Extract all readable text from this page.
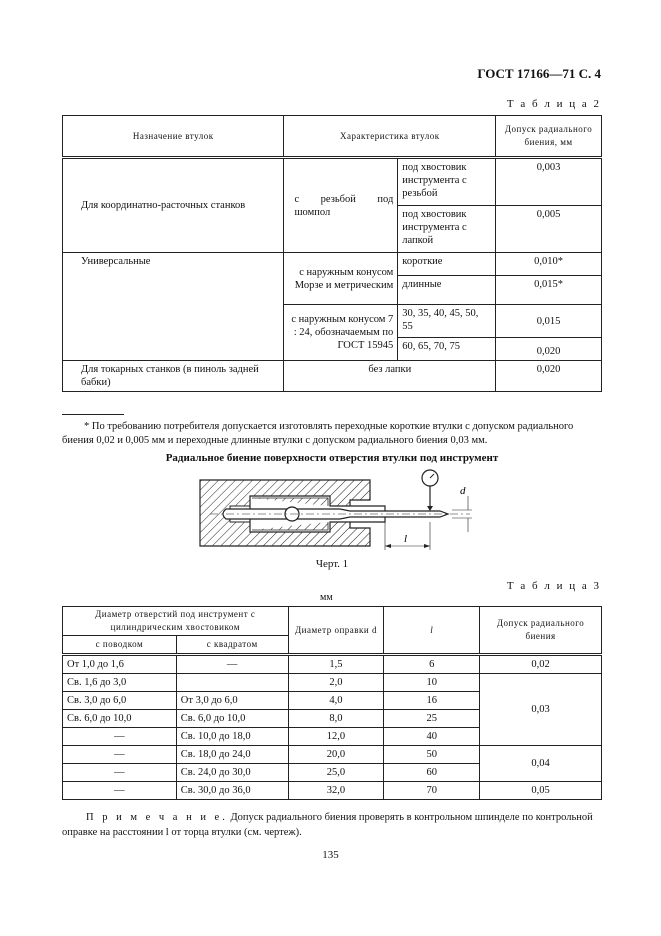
ГОСТ 17166—71 С. 4
Т а б л и ц а 2
Назначение втулок	Характеристика втулок		Допуск радиального биения, мм
Для координатно-расточных станков	с резьбой под шомпол	под хвостовик инструмента с резьбой	0,003
		под хвостовик инструмента с лапкой	0,005
Универсальные	с наружным конусом Морзе и метрическим	короткие	0,010*
		длинные	0,015*
	с наружным конусом 7 : 24, обозначаемым по ГОСТ 15945	30, 35, 40, 45, 50, 55	0,015
		60, 65, 70, 75	0,020
Для токарных станков (в пиноль задней бабки)	без лапки		0,020
* По требованию потребителя допускается изготовлять переходные короткие втулки с допуском радиального биения 0,02 и 0,005 мм и переходные длинные втулки с допуском радиального биения 0,03 мм.
Радиальное биение поверхности отверстия втулки под инструмент
d
l
Черт. 1
Т а б л и ц а 3
мм
Диаметр отверстий под инструмент с цилиндрическим хвостовиком		Диаметр оправки d	l	Допуск радиального биения
с поводком	с квадратом			
От 1,0 до 1,6	—	1,5	6	0,02
Св. 1,6 до 3,0		2,0	10	0,03
Св. 3,0 до 6,0	От 3,0 до 6,0	4,0	16	
Св. 6,0 до 10,0	Св. 6,0 до 10,0	8,0	25	
—	Св. 10,0 до 18,0	12,0	40	
—	Св. 18,0 до 24,0	20,0	50	0,04
—	Св. 24,0 до 30,0	25,0	60	
—	Св. 30,0 до 36,0	32,0	70	0,05
П р и м е ч а н и е. Допуск радиального биения проверять в контрольном шпинделе по контрольной оправке на расстоянии l от торца втулки (см. чертеж).
135
